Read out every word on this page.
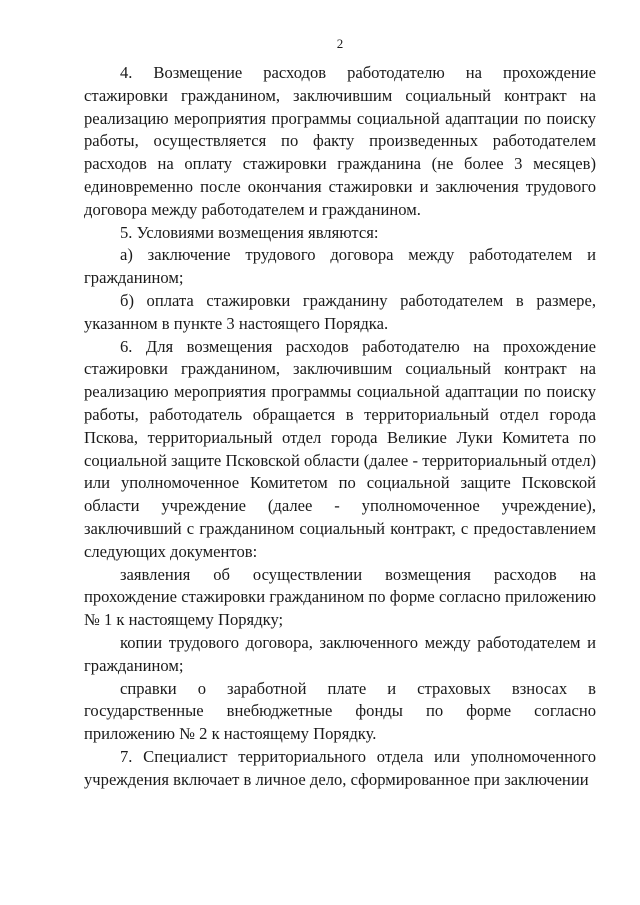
2

4. Возмещение расходов работодателю на прохождение стажировки гражданином, заключившим социальный контракт на реализацию мероприятия программы социальной адаптации по поиску работы, осуществляется по факту произведенных работодателем расходов на оплату стажировки гражданина (не более 3 месяцев) единовременно после окончания стажировки и заключения трудового договора между работодателем и гражданином.

5. Условиями возмещения являются:

а) заключение трудового договора между работодателем и гражданином;

б) оплата стажировки гражданину работодателем в размере, указанном в пункте 3 настоящего Порядка.

6. Для возмещения расходов работодателю на прохождение стажировки гражданином, заключившим социальный контракт на реализацию мероприятия программы социальной адаптации по поиску работы, работодатель обращается в территориальный отдел города Пскова, территориальный отдел города Великие Луки Комитета по социальной защите Псковской области (далее - территориальный отдел) или уполномоченное Комитетом по социальной защите Псковской области учреждение (далее - уполномоченное учреждение), заключивший с гражданином социальный контракт, с предоставлением следующих документов:

заявления об осуществлении возмещения расходов на прохождение стажировки гражданином по форме согласно приложению № 1 к настоящему Порядку;

копии трудового договора, заключенного между работодателем и гражданином;

справки о заработной плате и страховых взносах в государственные внебюджетные фонды по форме согласно приложению № 2 к настоящему Порядку.

7. Специалист территориального отдела или уполномоченного учреждения включает в личное дело, сформированное при заключении
